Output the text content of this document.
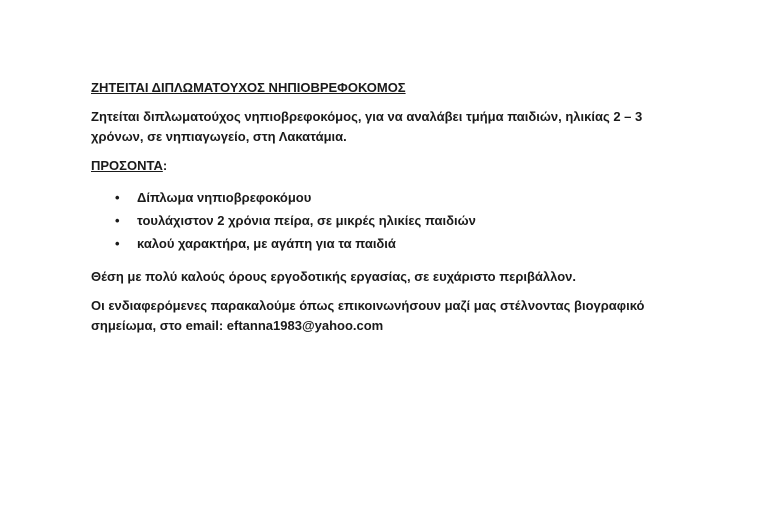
ΖΗΤΕΙΤΑΙ ΔΙΠΛΩΜΑΤΟΥΧΟΣ ΝΗΠΙΟΒΡΕΦΟΚΟΜΟΣ
Ζητείται διπλωματούχος νηπιοβρεφοκόμος, για να αναλάβει τμήμα παιδιών, ηλικίας 2 – 3
χρόνων, σε νηπιαγωγείο, στη Λακατάμια.
ΠΡΟΣΟΝΤΑ:
• Δίπλωμα νηπιοβρεφοκόμου
• τουλάχιστον 2 χρόνια πείρα, σε μικρές ηλικίες παιδιών
• καλού χαρακτήρα, με αγάπη για τα παιδιά
Θέση με πολύ καλούς όρους εργοδοτικής εργασίας, σε ευχάριστο περιβάλλον.
Οι ενδιαφερόμενες παρακαλούμε όπως επικοινωνήσουν μαζί μας στέλνοντας βιογραφικό
σημείωμα, στο email: eftanna1983@yahoo.com
